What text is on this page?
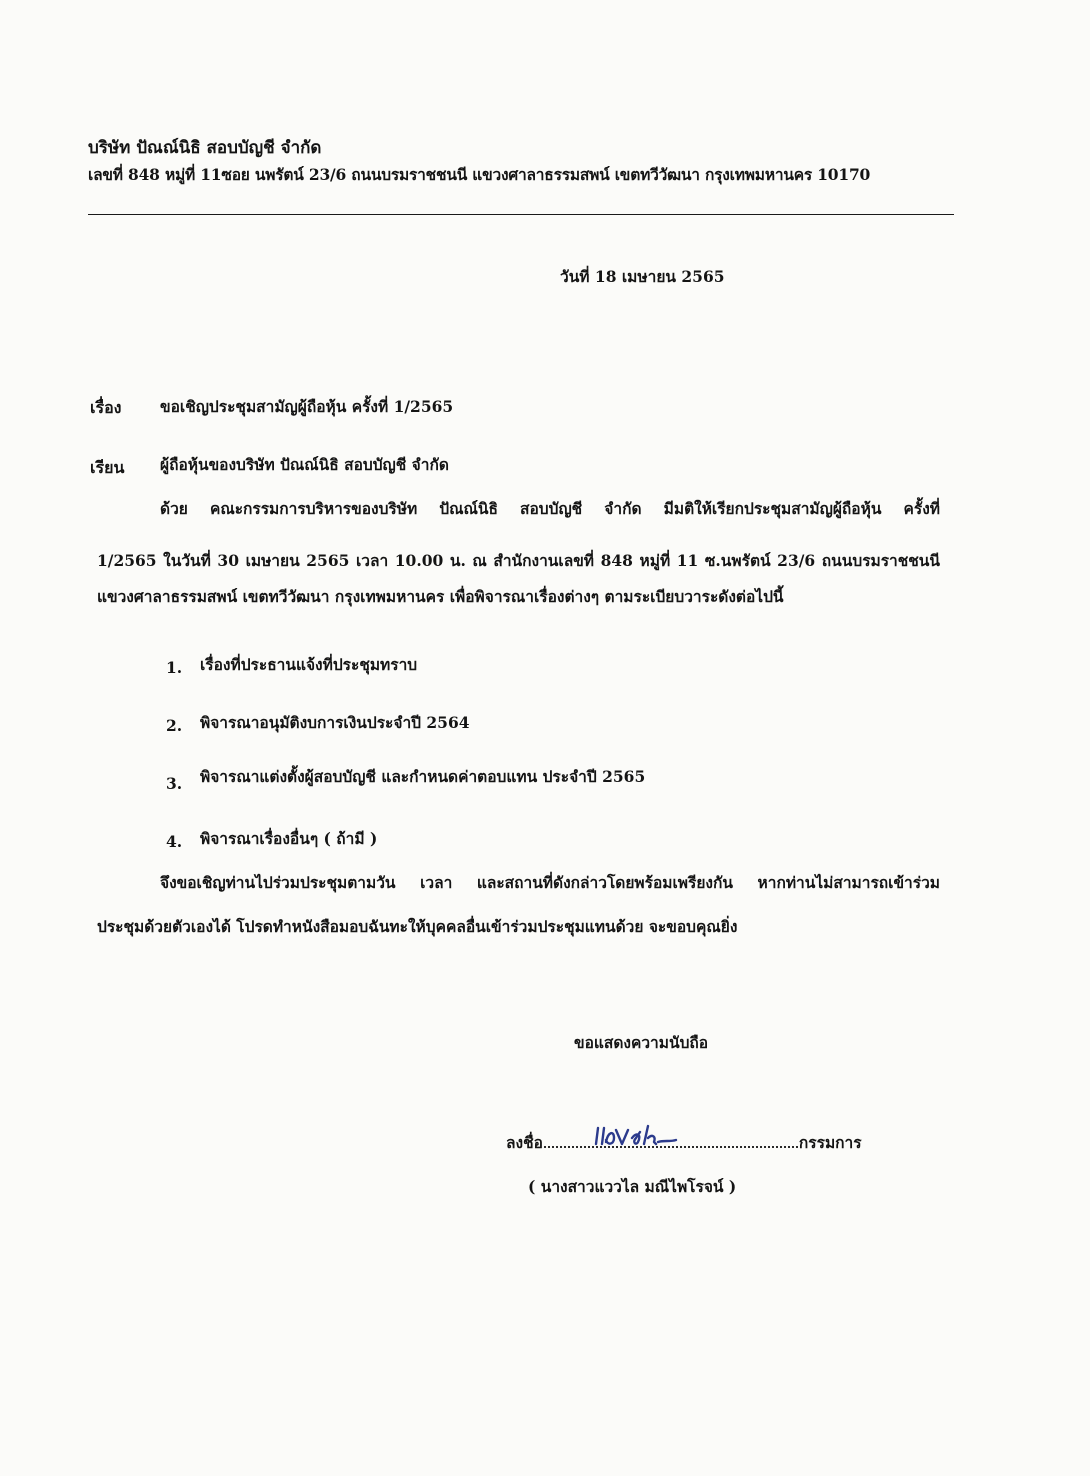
บริษัท ปัณณ์นิธิ สอบบัญชี จำกัด
เลขที่ 848 หมู่ที่ 11ซอย นพรัตน์ 23/6 ถนนบรมราชชนนี แขวงศาลาธรรมสพน์ เขตทวีวัฒนา กรุงเทพมหานคร 10170
วันที่ 18 เมษายน 2565
เรื่อง ขอเชิญประชุมสามัญผู้ถือหุ้น ครั้งที่ 1/2565
เรียน ผู้ถือหุ้นของบริษัท ปัณณ์นิธิ สอบบัญชี จำกัด
ด้วย คณะกรรมการบริหารของบริษัท ปัณณ์นิธิ สอบบัญชี จำกัด มีมติให้เรียกประชุมสามัญผู้ถือหุ้น ครั้งที่
1/2565 ในวันที่ 30 เมษายน 2565 เวลา 10.00 น. ณ สำนักงานเลขที่ 848 หมู่ที่ 11 ซ.นพรัตน์ 23/6 ถนนบรมราชชนนี
แขวงศาลาธรรมสพน์ เขตทวีวัฒนา กรุงเทพมหานคร เพื่อพิจารณาเรื่องต่างๆ ตามระเบียบวาระดังต่อไปนี้
1. เรื่องที่ประธานแจ้งที่ประชุมทราบ
2. พิจารณาอนุมัติงบการเงินประจำปี 2564
3. พิจารณาแต่งตั้งผู้สอบบัญชี และกำหนดค่าตอบแทน ประจำปี 2565
4. พิจารณาเรื่องอื่นๆ ( ถ้ามี )
จึงขอเชิญท่านไปร่วมประชุมตามวัน เวลา และสถานที่ดังกล่าวโดยพร้อมเพรียงกัน หากท่านไม่สามารถเข้าร่วม
ประชุมด้วยตัวเองได้ โปรดทำหนังสือมอบฉันทะให้บุคคลอื่นเข้าร่วมประชุมแทนด้วย จะขอบคุณยิ่ง
ขอแสดงความนับถือ
ลงชื่อ	กรรมการ
( นางสาวแววไล มณีไพโรจน์ )
